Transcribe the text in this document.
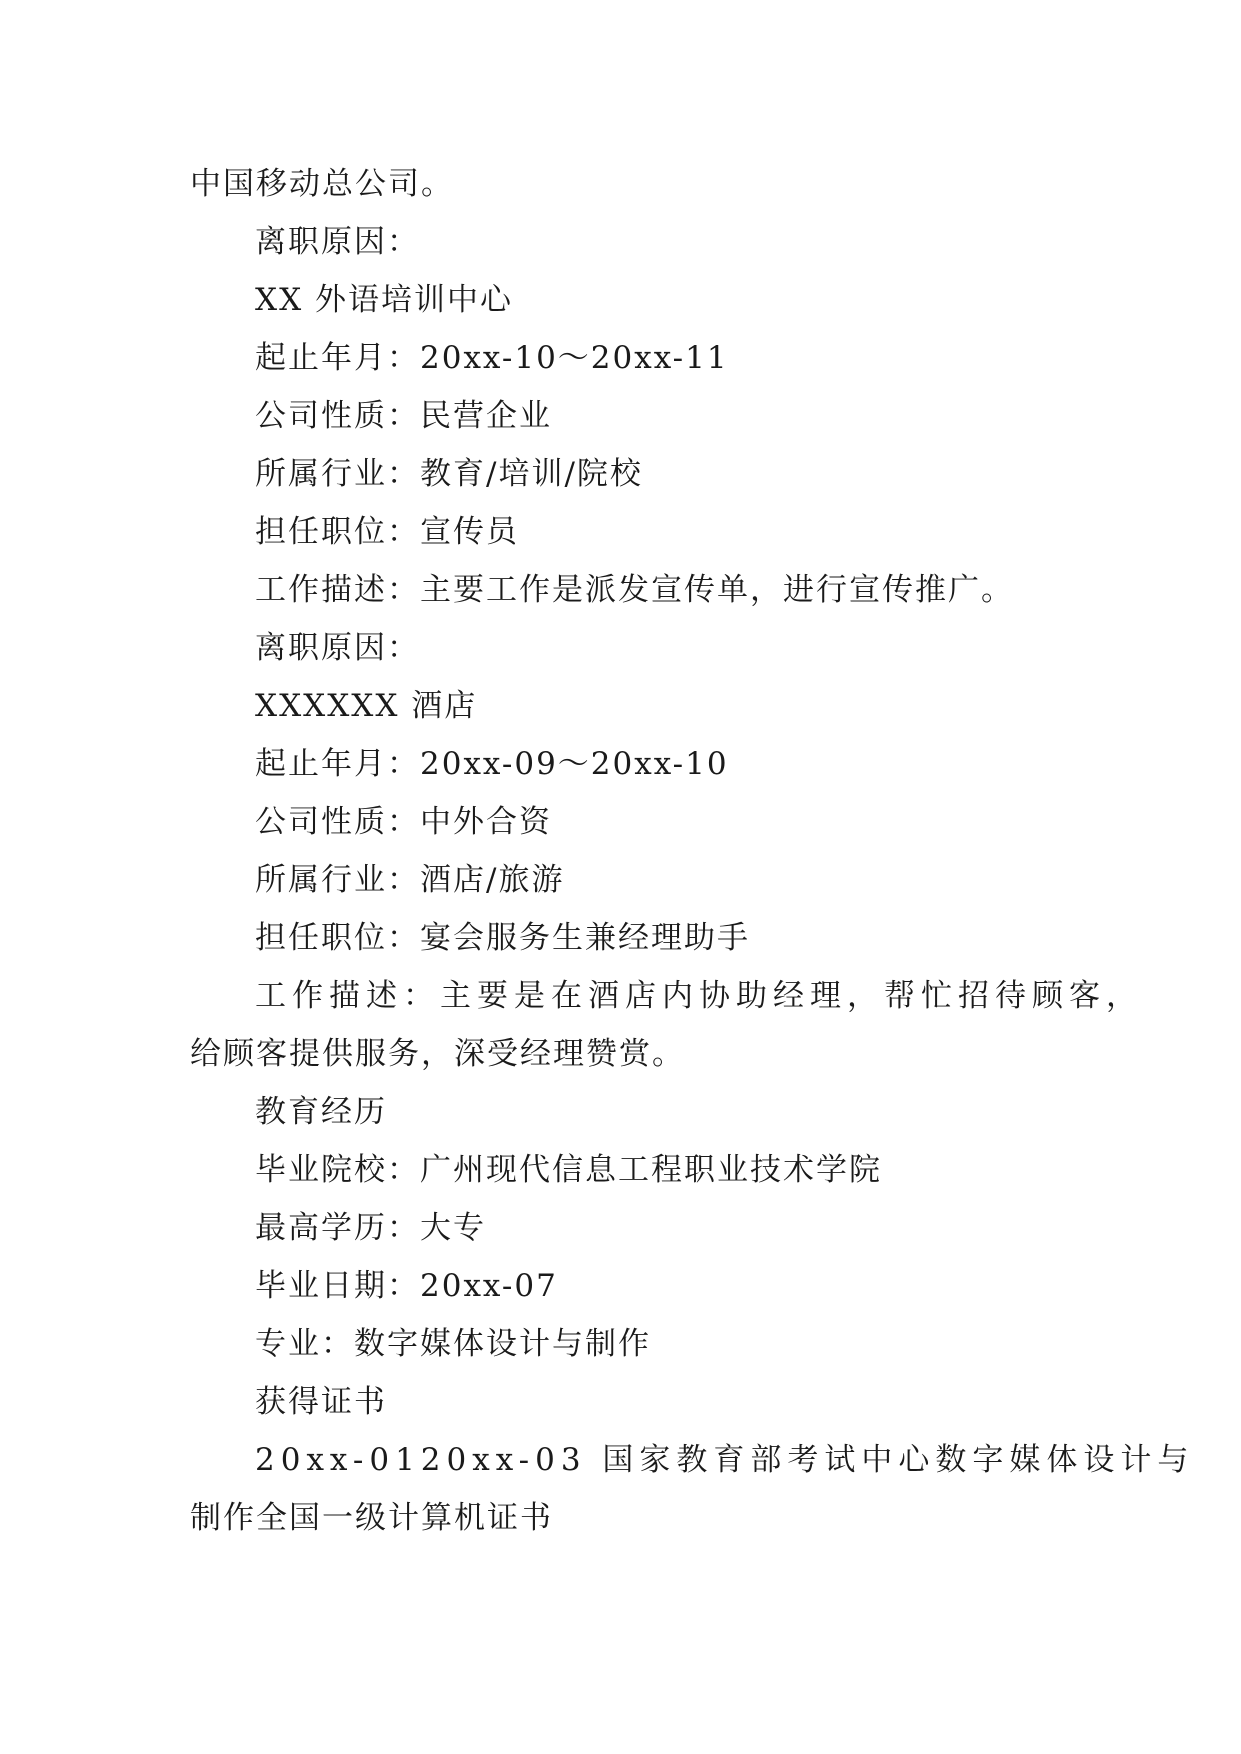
中国移动总公司。
离职原因：
XX 外语培训中心
起止年月：20xx-10～20xx-11
公司性质：民营企业
所属行业：教育/培训/院校
担任职位：宣传员
工作描述：主要工作是派发宣传单，进行宣传推广。
离职原因：
XXXXXX 酒店
起止年月：20xx-09～20xx-10
公司性质：中外合资
所属行业：酒店/旅游
担任职位：宴会服务生兼经理助手
工作描述：主要是在酒店内协助经理，帮忙招待顾客，
给顾客提供服务，深受经理赞赏。
教育经历
毕业院校：广州现代信息工程职业技术学院
最高学历：大专
毕业日期：20xx-07
专业：数字媒体设计与制作
获得证书
20xx-0120xx-03 国家教育部考试中心数字媒体设计与
制作全国一级计算机证书
